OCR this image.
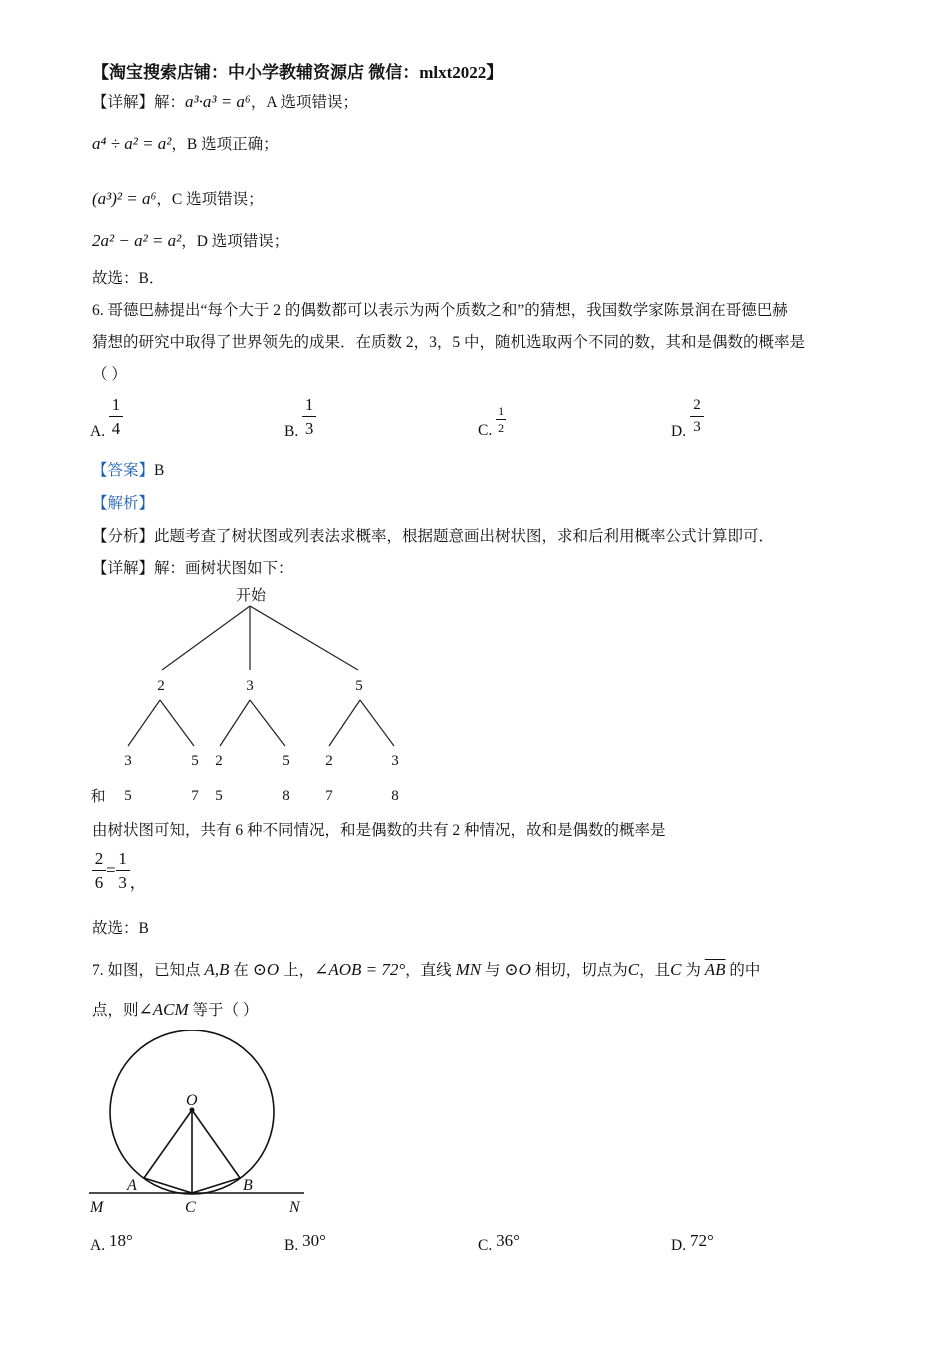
【淘宝搜索店铺：中小学教辅资源店 微信：mlxt2022】
【详解】解：a³·a³ = a⁶，A 选项错误；
a⁴ ÷ a² = a²，B 选项正确；
(a³)² = a⁶，C 选项错误；
2a² − a² = a²，D 选项错误；
故选：B．
6. 哥德巴赫提出“每个大于 2 的偶数都可以表示为两个质数之和”的猜想，我国数学家陈景润在哥德巴赫
猜想的研究中取得了世界领先的成果．在质数 2，3，5 中，随机选取两个不同的数，其和是偶数的概率是
（ ）
A. $\frac{1}{4}$	B. $\frac{1}{3}$	C. $\frac{1}{2}$	D. $\frac{2}{3}$
【答案】B
【解析】
【分析】此题考查了树状图或列表法求概率，根据题意画出树状图，求和后利用概率公式计算即可．
【详解】解：画树状图如下：
开始
2	3	5
3	5 2	5 2	3
和 5	7 5	8 7	8
由树状图可知，共有 6 种不同情况，和是偶数的共有 2 种情况，故和是偶数的概率是
$\frac{2}{6} = \frac{1}{3}$ ，
故选：B
7. 如图，已知点 A,B 在 ⊙O 上，∠AOB = 72°，直线 MN 与 ⊙O 相切，切点为C，且C 为 $\overline{AB}$ 的中
点，则∠ACM 等于（ ）
O
A	B
C
M	N
A. 18°	B. 30°	C. 36°	D. 72°
